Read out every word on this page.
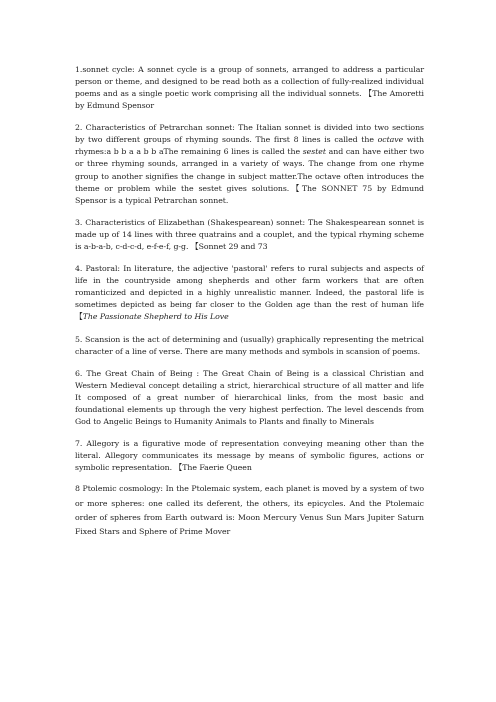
1.sonnet cycle: A sonnet cycle is a group of sonnets, arranged to address a particular person or theme, and designed to be read both as a collection of fully-realized individual poems and as a single poetic work comprising all the individual sonnets. 【The Amoretti by Edmund Spensor

2. Characteristics of Petrarchan sonnet: The Italian sonnet is divided into two sections by two different groups of rhyming sounds. The first 8 lines is called the octave with rhymes:a b b a a b b aThe remaining 6 lines is called the sestet and can have either two or three rhyming sounds, arranged in a variety of ways. The change from one rhyme group to another signifies the change in subject matter.The octave often introduces the theme or problem while the sestet gives solutions.【The SONNET 75 by Edmund Spensor is a typical Petrarchan sonnet.

3. Characteristics of Elizabethan (Shakespearean) sonnet: The Shakespearean sonnet is made up of 14 lines with three quatrains and a couplet, and the typical rhyming scheme is a-b-a-b, c-d-c-d, e-f-e-f, g-g. 【Sonnet 29 and 73

4. Pastoral: In literature, the adjective 'pastoral' refers to rural subjects and aspects of life in the countryside among shepherds and other farm workers that are often romanticized and depicted in a highly unrealistic manner. Indeed, the pastoral life is sometimes depicted as being far closer to the Golden age than the rest of human life【The Passionate Shepherd to His Love

5. Scansion is the act of determining and (usually) graphically representing the metrical character of a line of verse. There are many methods and symbols in scansion of poems.

6. The Great Chain of Being : The Great Chain of Being is a classical Christian and Western Medieval concept detailing a strict, hierarchical structure of all matter and life It composed of a great number of hierarchical links, from the most basic and foundational elements up through the very highest perfection. The level descends from God to Angelic Beings to Humanity Animals to Plants and finally to Minerals

7. Allegory is a figurative mode of representation conveying meaning other than the literal. Allegory communicates its message by means of symbolic figures, actions or symbolic representation. 【The Faerie Queen

8 Ptolemic cosmology: In the Ptolemaic system, each planet is moved by a system of two or more spheres: one called its deferent, the others, its epicycles. And the Ptolemaic order of spheres from Earth outward is: Moon Mercury Venus Sun Mars Jupiter Saturn Fixed Stars and Sphere of Prime Mover
